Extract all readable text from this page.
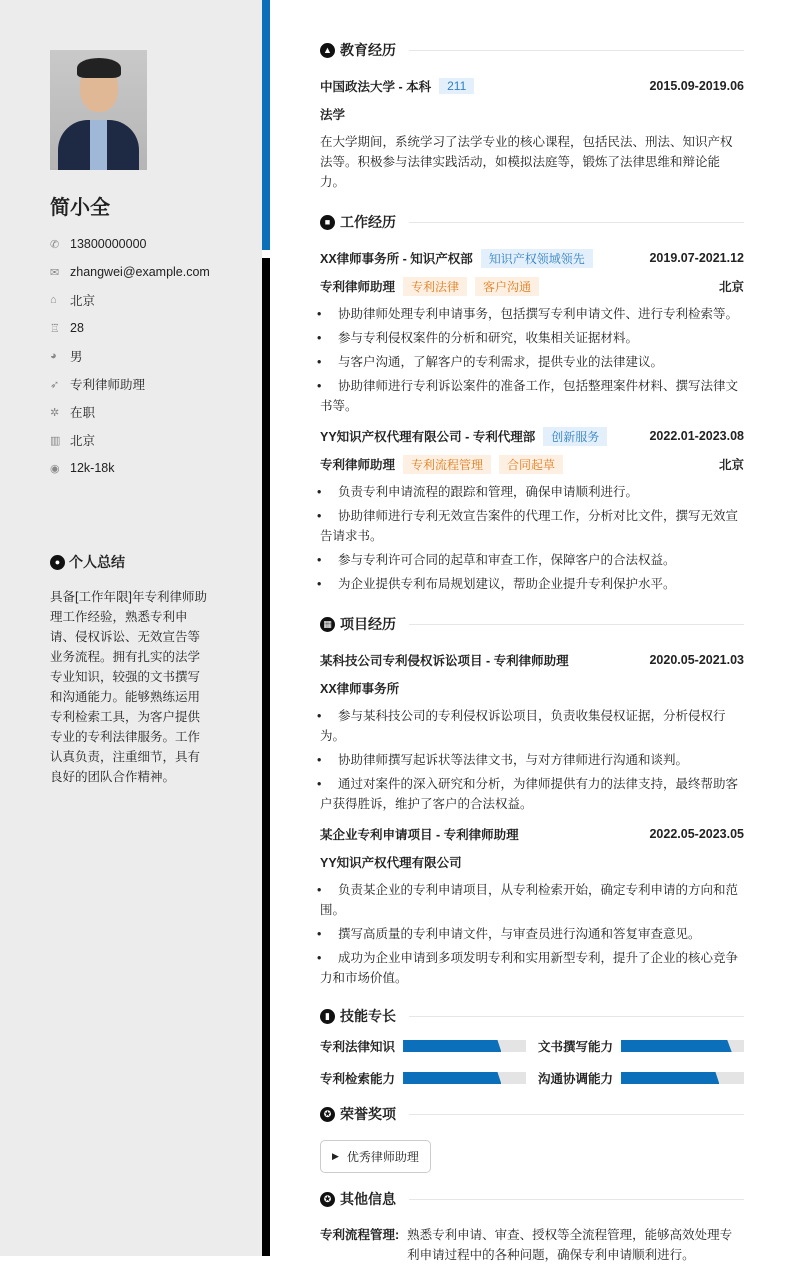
简小全
✆ 13800000000
✉ zhangwei@example.com
⌂	北京
♖ 28
◕	男
➶ 专利律师助理
✲ 在职
▥ 北京
◉ 12k-18k
● 个人总结
具备[工作年限]年专利律师助理工作经验，熟悉专利申请、侵权诉讼、无效宣告等业务流程。拥有扎实的法学专业知识，较强的文书撰写和沟通能力。能够熟练运用专利检索工具，为客户提供专业的专利法律服务。工作认真负责，注重细节，具有良好的团队合作精神。
▲ 教育经历
中国政法大学 - 本科	211	2015.09-2019.06
法学
在大学期间，系统学习了法学专业的核心课程，包括民法、刑法、知识产权法等。积极参与法律实践活动，如模拟法庭等，锻炼了法律思维和辩论能力。
■ 工作经历
XX律师事务所 - 知识产权部	知识产权领域领先	2019.07-2021.12
专利律师助理	专利法律	客户沟通	北京
• 协助律师处理专利申请事务，包括撰写专利申请文件、进行专利检索等。
• 参与专利侵权案件的分析和研究，收集相关证据材料。
• 与客户沟通，了解客户的专利需求，提供专业的法律建议。
• 协助律师进行专利诉讼案件的准备工作，包括整理案件材料、撰写法律文书等。
YY知识产权代理有限公司 - 专利代理部	创新服务	2022.01-2023.08
专利律师助理	专利流程管理	合同起草	北京
• 负责专利申请流程的跟踪和管理，确保申请顺利进行。
• 协助律师进行专利无效宣告案件的代理工作，分析对比文件，撰写无效宣告请求书。
• 参与专利许可合同的起草和审查工作，保障客户的合法权益。
• 为企业提供专利布局规划建议，帮助企业提升专利保护水平。
▦ 项目经历
某科技公司专利侵权诉讼项目 - 专利律师助理	2020.05-2021.03
XX律师事务所
• 参与某科技公司的专利侵权诉讼项目，负责收集侵权证据，分析侵权行为。
• 协助律师撰写起诉状等法律文书，与对方律师进行沟通和谈判。
• 通过对案件的深入研究和分析，为律师提供有力的法律支持，最终帮助客户获得胜诉，维护了客户的合法权益。
某企业专利申请项目 - 专利律师助理	2022.05-2023.05
YY知识产权代理有限公司
• 负责某企业的专利申请项目，从专利检索开始，确定专利申请的方向和范围。
• 撰写高质量的专利申请文件，与审查员进行沟通和答复审查意见。
• 成功为企业申请到多项发明专利和实用新型专利，提升了企业的核心竞争力和市场价值。
▮ 技能专长
专利法律知识	文书撰写能力
专利检索能力	沟通协调能力
✪ 荣誉奖项
▶ 优秀律师助理
✪ 其他信息
专利流程管理: 熟悉专利申请、审查、授权等全流程管理，能够高效处理专利申请过程中的各种问题，确保专利申请顺利进行。
